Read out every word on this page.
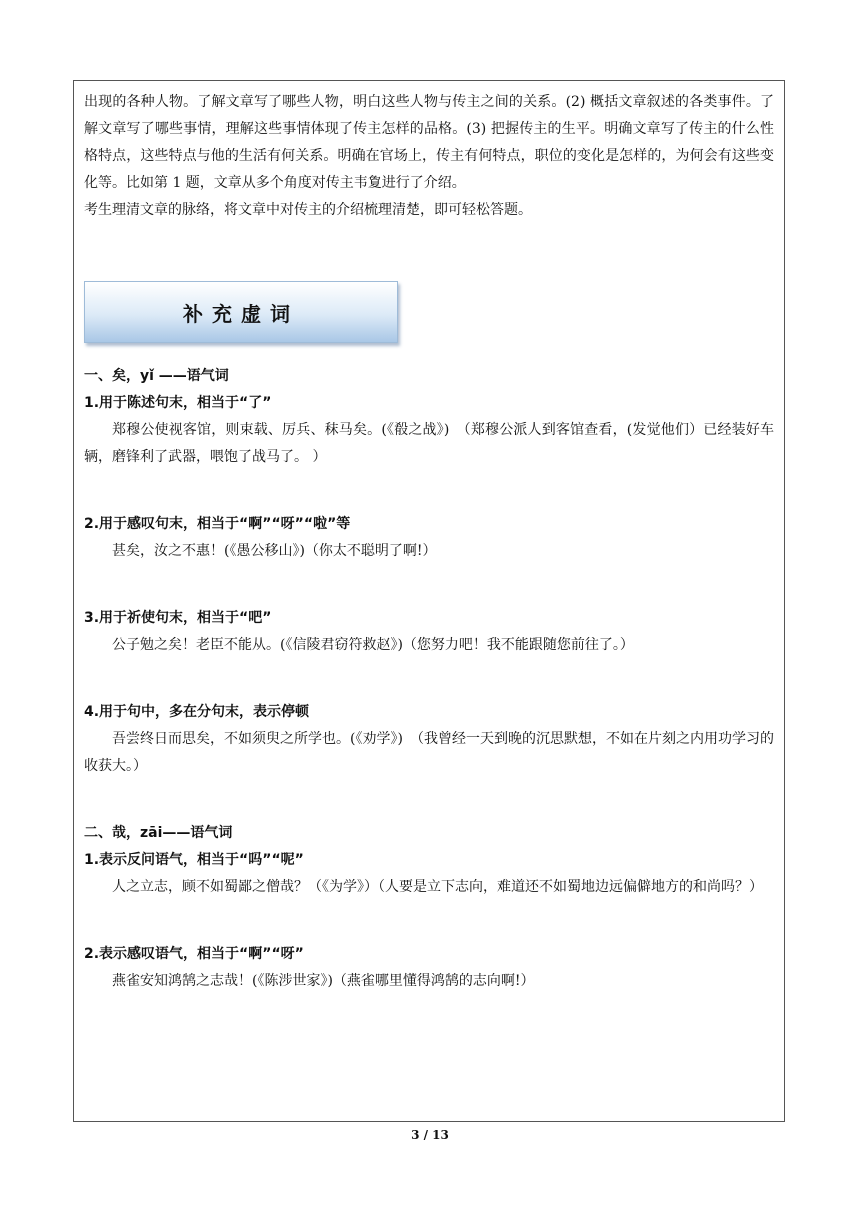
出现的各种人物。了解文章写了哪些人物，明白这些人物与传主之间的关系。(2) 概括文章叙述的各类事件。了解文章写了哪些事情，理解这些事情体现了传主怎样的品格。(3) 把握传主的生平。明确文章写了传主的什么性格特点，这些特点与他的生活有何关系。明确在官场上，传主有何特点，职位的变化是怎样的，为何会有这些变化等。比如第 1 题，文章从多个角度对传主韦夐进行了介绍。

考生理清文章的脉络，将文章中对传主的介绍梳理清楚，即可轻松答题。

补充虚词

一、矣，yǐ ——语气词

1.用于陈述句末，相当于“了”

郑穆公使视客馆，则束载、厉兵、秣马矣。(《殽之战》)　（郑穆公派人到客馆查看，(发觉他们）已经装好车辆，磨锋利了武器，喂饱了战马了。 ）

2.用于感叹句末，相当于“啊”“呀”“啦”等

甚矣，汝之不惠！(《愚公移山》)（你太不聪明了啊!）

3.用于祈使句末，相当于“吧”

公子勉之矣！老臣不能从。(《信陵君窃符救赵》)（您努力吧！我不能跟随您前往了。）

4.用于句中，多在分句末，表示停顿

吾尝终日而思矣，不如须臾之所学也。(《劝学》)　（我曾经一天到晚的沉思默想，不如在片刻之内用功学习的收获大。）

二、哉，zāi——语气词

1.表示反问语气，相当于“吗”“呢”

人之立志，顾不如蜀鄙之僧哉？（《为学》）（人要是立下志向，难道还不如蜀地边远偏僻地方的和尚吗？）

2.表示感叹语气，相当于“啊”“呀”

燕雀安知鸿鹄之志哉！(《陈涉世家》)（燕雀哪里懂得鸿鹄的志向啊!）

3 / 13
